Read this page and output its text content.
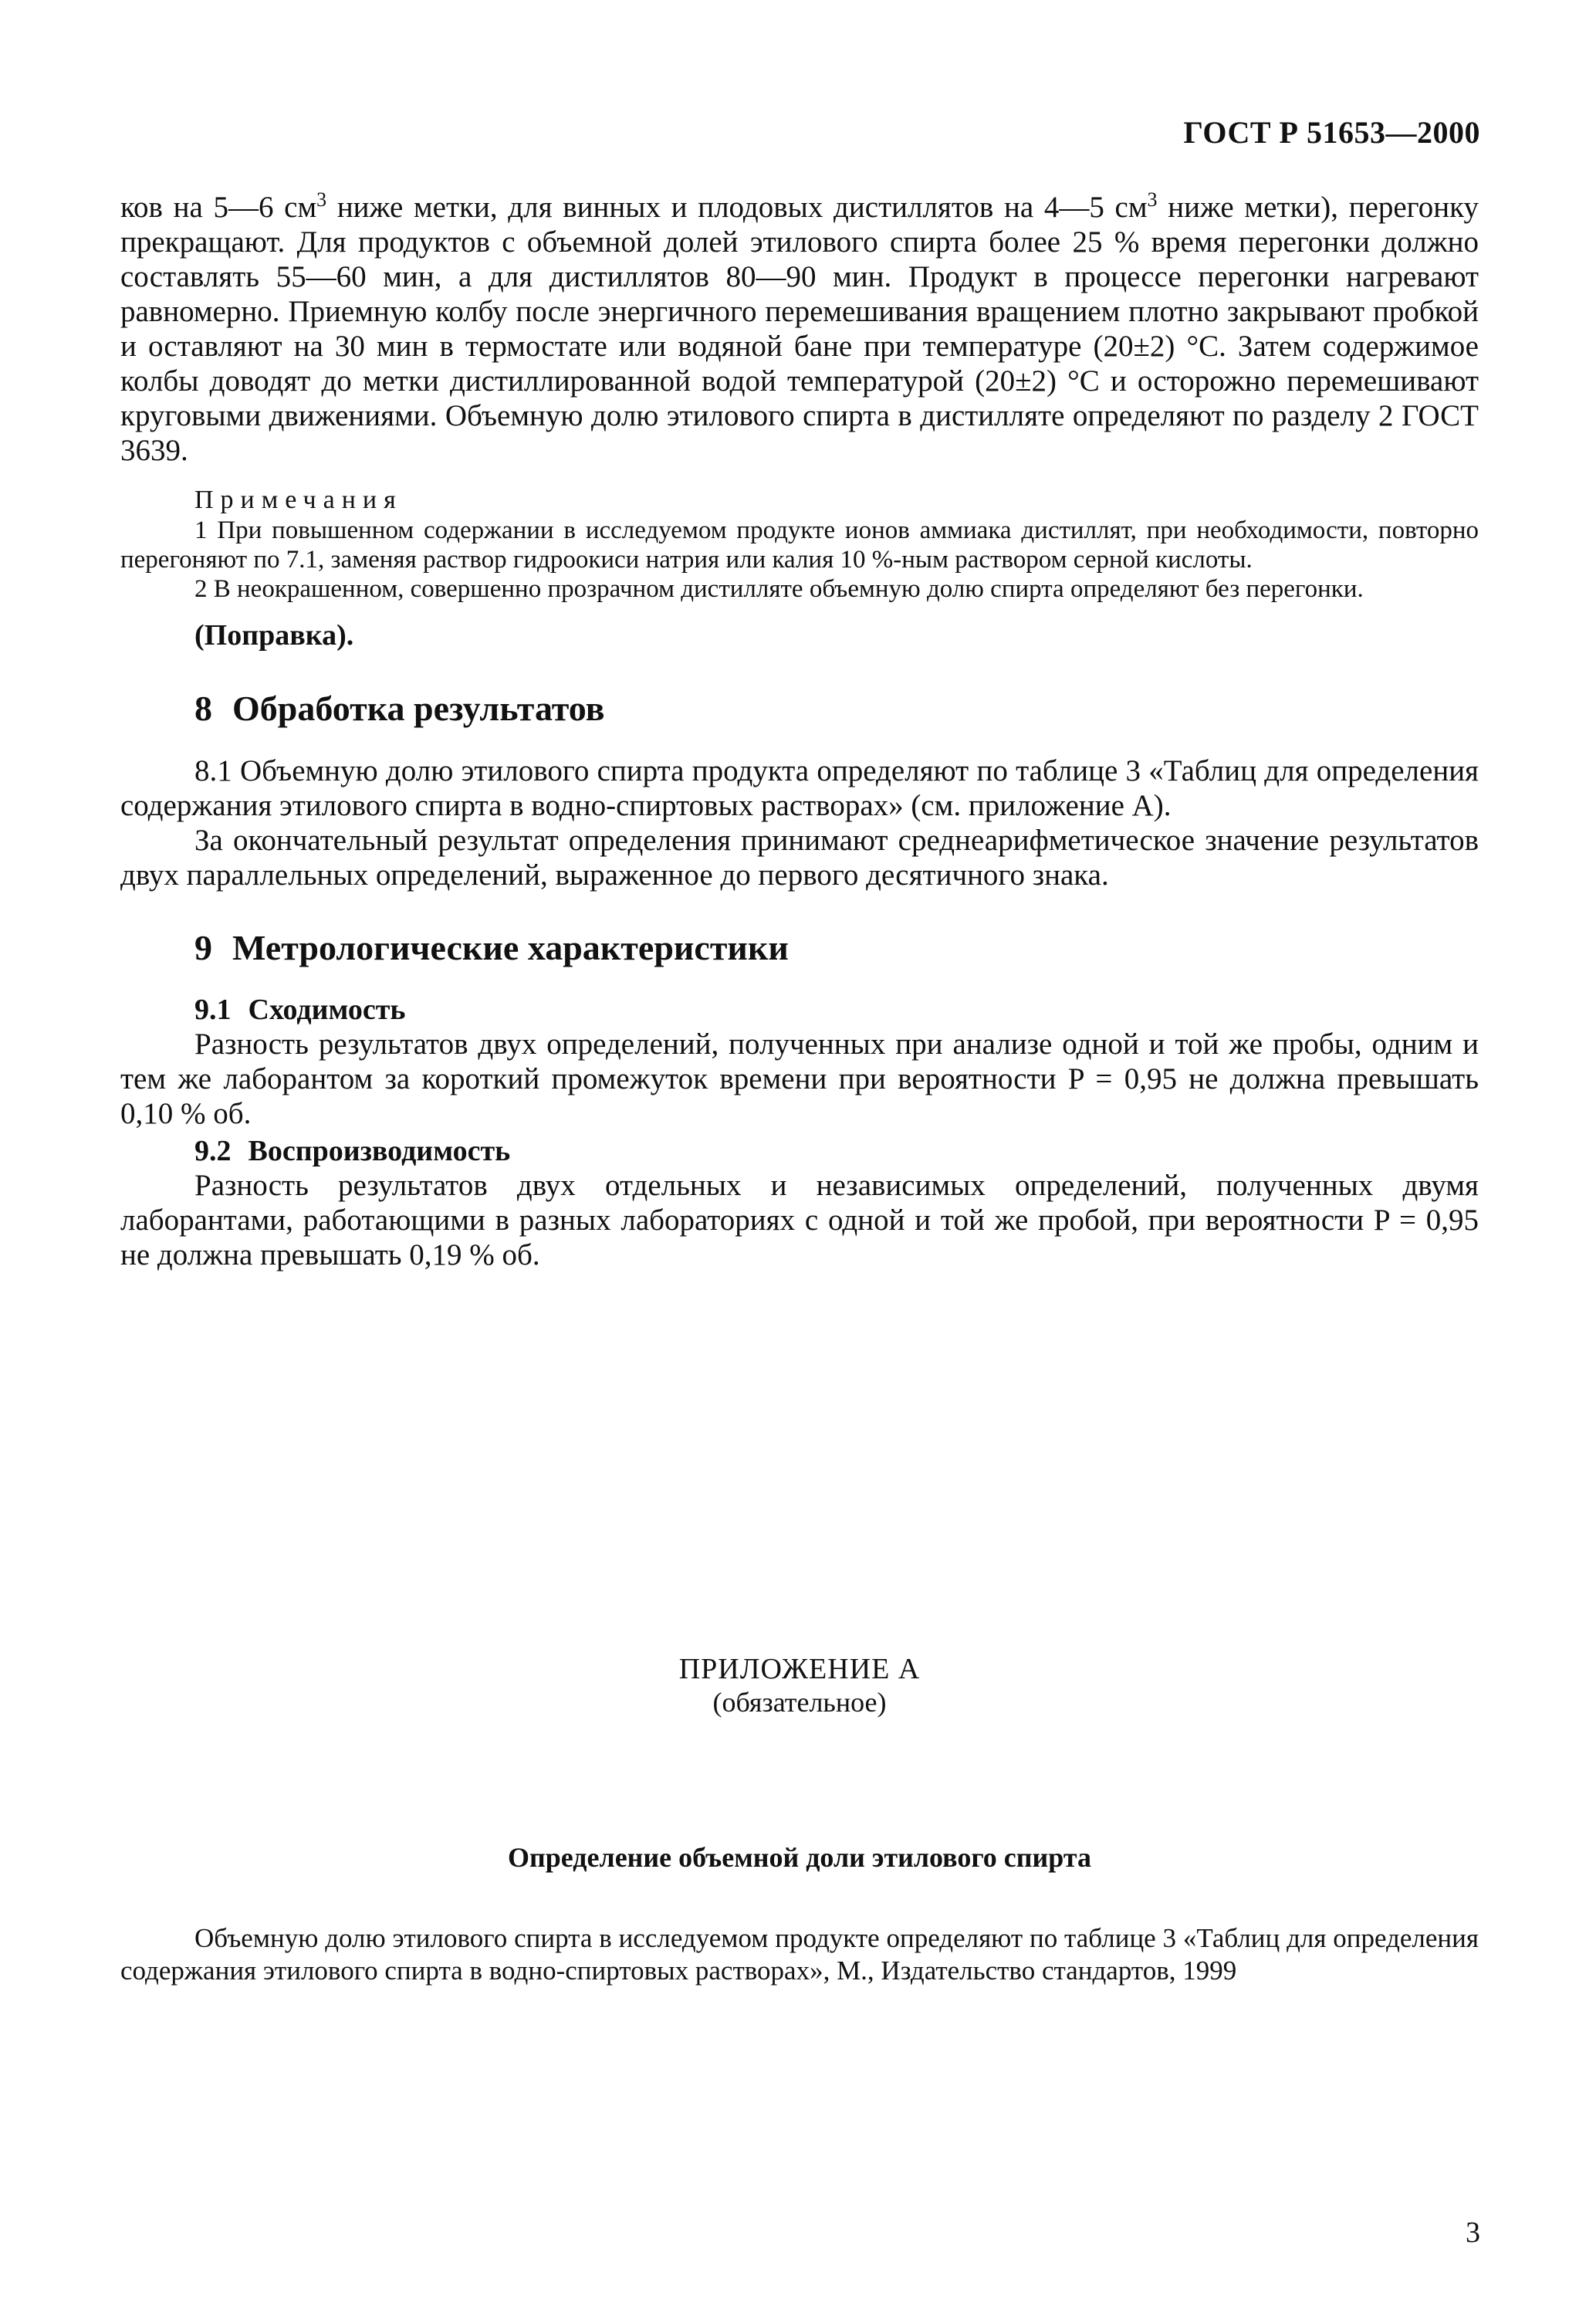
ГОСТ Р 51653—2000

ков на 5—6 $см^3$ ниже метки, для винных и плодовых дистиллятов на 4—5 $см^3$ ниже метки), перегонку прекращают. Для продуктов с объемной долей этилового спирта более 25 % время перегонки должно составлять 55—60 мин, а для дистиллятов 80—90 мин. Продукт в процессе перегонки нагревают равномерно. Приемную колбу после энергичного перемешивания вращением плотно закрывают пробкой и оставляют на 30 мин в термостате или водяной бане при температуре (20±2) °С. Затем содержимое колбы доводят до метки дистиллированной водой температурой (20±2) °С и осторожно перемешивают круговыми движениями. Объемную долю этилового спирта в дистилляте определяют по разделу 2 ГОСТ 3639.

Примечания

1 При повышенном содержании в исследуемом продукте ионов аммиака дистиллят, при необходимости, повторно перегоняют по 7.1, заменяя раствор гидроокиси натрия или калия 10 %-ным раствором серной кислоты.

2 В неокрашенном, совершенно прозрачном дистилляте объемную долю спирта определяют без перегонки.

(Поправка).
8 Обработка результатов

8.1 Объемную долю этилового спирта продукта определяют по таблице 3 «Таблиц для определения содержания этилового спирта в водно-спиртовых растворах» (см. приложение А).

За окончательный результат определения принимают среднеарифметическое значение результатов двух параллельных определений, выраженное до первого десятичного знака.

9 Метрологические характеристики
9.1 Сходимость

Разность результатов двух определений, полученных при анализе одной и той же пробы, одним и тем же лаборантом за короткий промежуток времени при вероятности P = 0,95 не должна превышать 0,10 % об.

9.2 Воспроизводимость

Разность результатов двух отдельных и независимых определений, полученных двумя лаборантами, работающими в разных лабораториях с одной и той же пробой, при вероятности P = 0,95 не должна превышать 0,19 % об.

ПРИЛОЖЕНИЕ А
(обязательное)
Определение объемной доли этилового спирта

Объемную долю этилового спирта в исследуемом продукте определяют по таблице 3 «Таблиц для определения содержания этилового спирта в водно-спиртовых растворах», М., Издательство стандартов, 1999

3
